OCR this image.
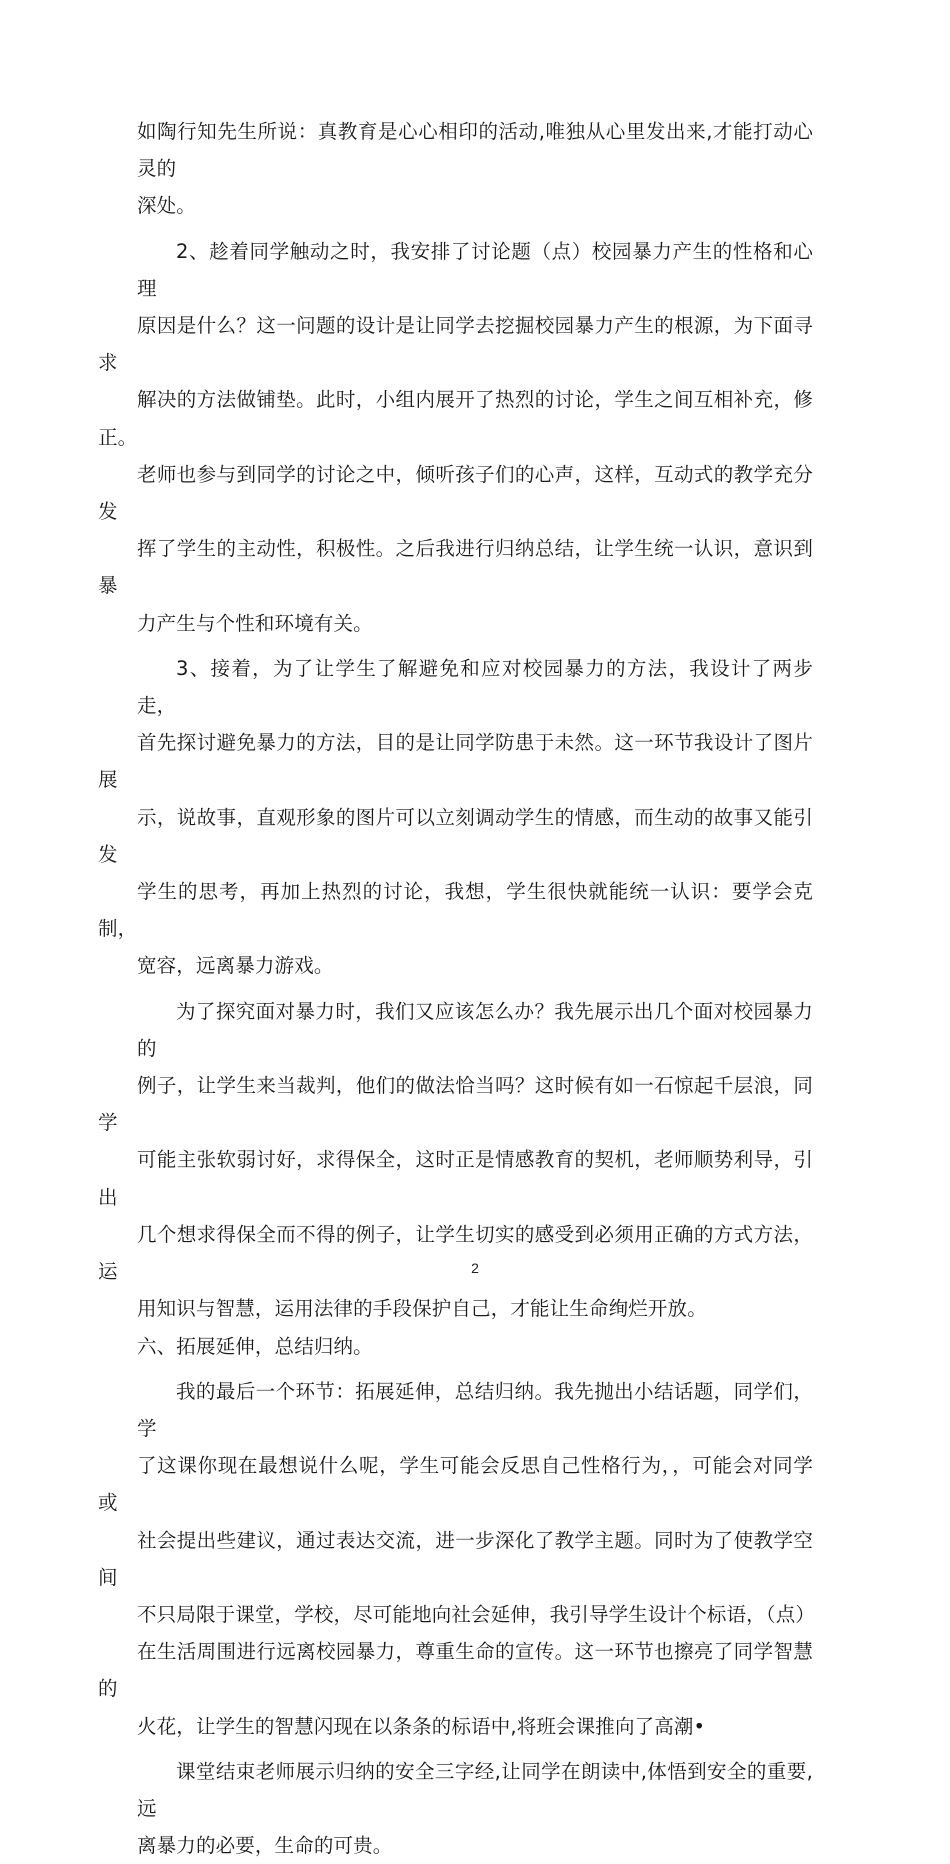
如陶行知先生所说：真教育是心心相印的活动,唯独从心里发出来,才能打动心灵的
深处。

2、趁着同学触动之时，我安排了讨论题（点）校园暴力产生的性格和心理
原因是什么？这一问题的设计是让同学去挖掘校园暴力产生的根源，为下面寻求
解决的方法做铺垫。此时，小组内展开了热烈的讨论，学生之间互相补充，修正。
老师也参与到同学的讨论之中，倾听孩子们的心声，这样，互动式的教学充分发
挥了学生的主动性，积极性。之后我进行归纳总结，让学生统一认识，意识到暴
力产生与个性和环境有关。

3、接着，为了让学生了解避免和应对校园暴力的方法，我设计了两步走，
首先探讨避免暴力的方法，目的是让同学防患于未然。这一环节我设计了图片展
示，说故事，直观形象的图片可以立刻调动学生的情感，而生动的故事又能引发
学生的思考，再加上热烈的讨论，我想，学生很快就能统一认识：要学会克制，
宽容，远离暴力游戏。

为了探究面对暴力时，我们又应该怎么办？我先展示出几个面对校园暴力的
例子，让学生来当裁判，他们的做法恰当吗？这时候有如一石惊起千层浪，同学
可能主张软弱讨好，求得保全，这时正是情感教育的契机，老师顺势利导，引出
几个想求得保全而不得的例子，让学生切实的感受到必须用正确的方式方法，运
用知识与智慧，运用法律的手段保护自己，才能让生命绚烂开放。

六、拓展延伸，总结归纳。

我的最后一个环节：拓展延伸，总结归纳。我先抛出小结话题，同学们，学
了这课你现在最想说什么呢，学生可能会反思自己性格行为，，可能会对同学或
社会提出些建议，通过表达交流，进一步深化了教学主题。同时为了使教学空间
不只局限于课堂，学校，尽可能地向社会延伸，我引导学生设计个标语，（点）
在生活周围进行远离校园暴力，尊重生命的宣传。这一环节也擦亮了同学智慧的
火花，让学生的智慧闪现在以条条的标语中,将班会课推向了高潮•

课堂结束老师展示归纳的安全三字经,让同学在朗读中,体悟到安全的重要,远
离暴力的必要，生命的可贵。

2
